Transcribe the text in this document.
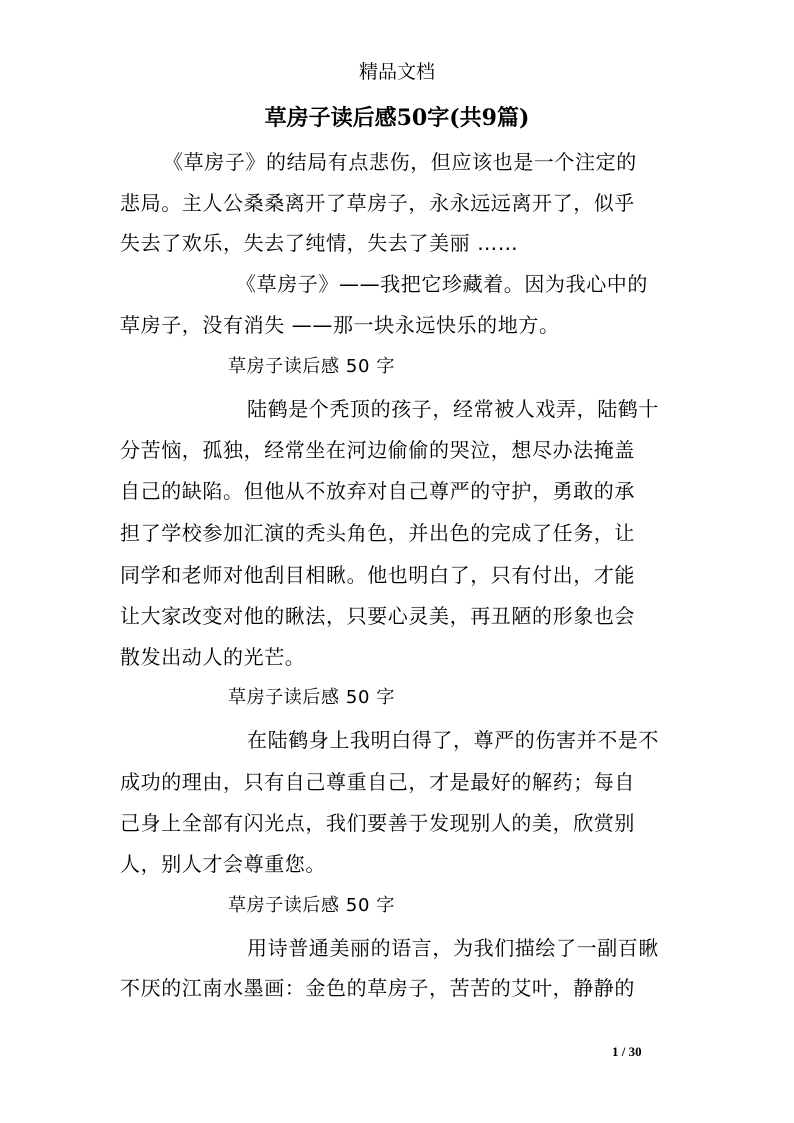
精品文档
草房子读后感50字(共9篇)
《草房子》的结局有点悲伤，但应该也是一个注定的
悲局。主人公桑桑离开了草房子，永永远远离开了，似乎
失去了欢乐，失去了纯情，失去了美丽 ……
《草房子》——我把它珍藏着。因为我心中的
草房子，没有消失 ——那一块永远快乐的地方。
草房子读后感 50 字
陆鹤是个秃顶的孩子，经常被人戏弄，陆鹤十
分苦恼，孤独，经常坐在河边偷偷的哭泣，想尽办法掩盖
自己的缺陷。但他从不放弃对自己尊严的守护，勇敢的承
担了学校参加汇演的秃头角色，并出色的完成了任务，让
同学和老师对他刮目相瞅。他也明白了，只有付出，才能
让大家改变对他的瞅法，只要心灵美，再丑陋的形象也会
散发出动人的光芒。
草房子读后感 50 字
在陆鹤身上我明白得了，尊严的伤害并不是不
成功的理由，只有自己尊重自己，才是最好的解药；每自
己身上全部有闪光点，我们要善于发现别人的美，欣赏别
人，别人才会尊重您。
草房子读后感 50 字
用诗普通美丽的语言，为我们描绘了一副百瞅
不厌的江南水墨画：金色的草房子，苦苦的艾叶，静静的
1 / 30
